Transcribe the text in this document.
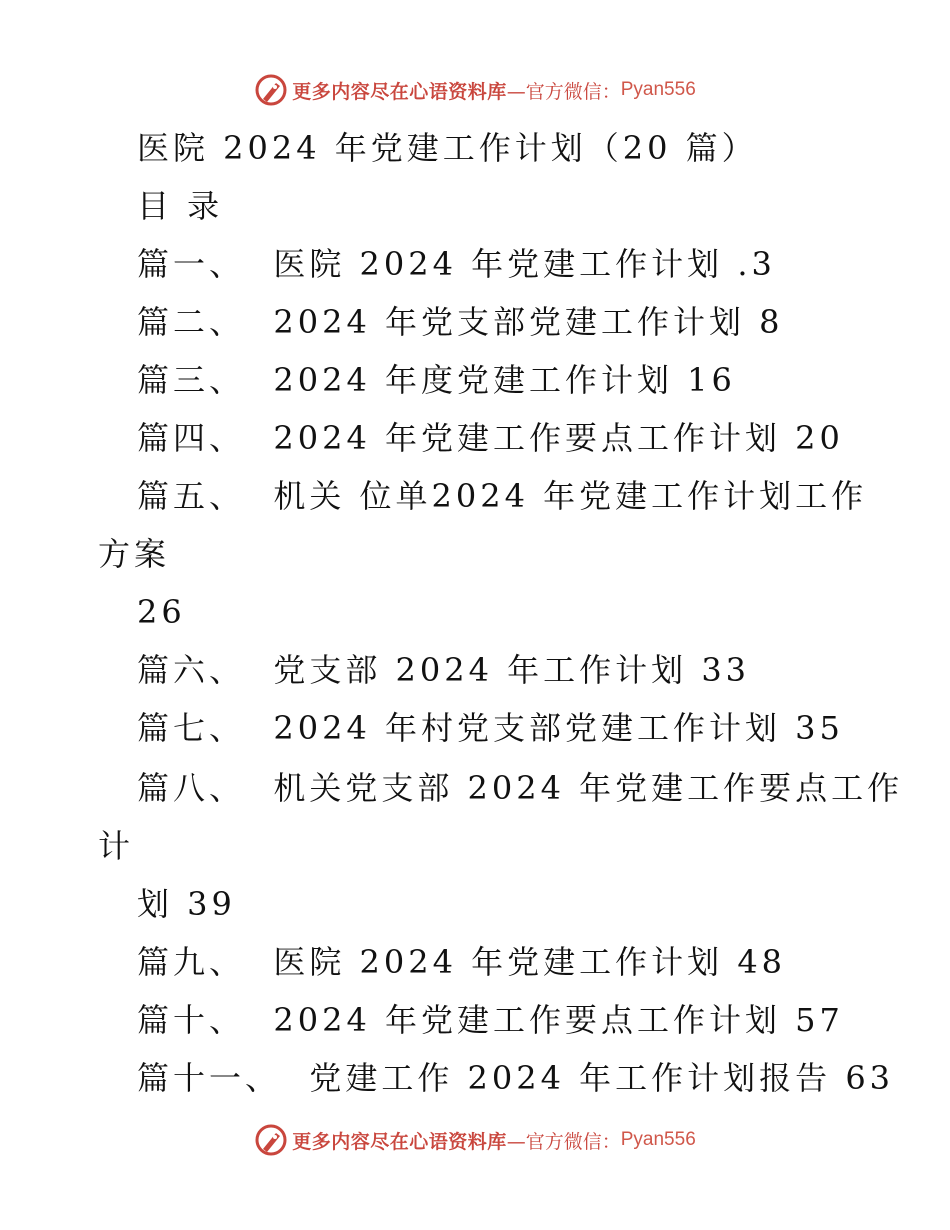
更多内容尽在心语资料库 —官方微信： Pyan556
医院 2024 年党建工作计划（20 篇）
目 录
篇一、 医院 2024 年党建工作计划 .3
篇二、 2024 年党支部党建工作计划 8
篇三、 2024 年度党建工作计划 16
篇四、 2024 年党建工作要点工作计划 20
篇五、 机关 位单2024 年党建工作计划工作
方案
26
篇六、 党支部 2024 年工作计划 33
篇七、 2024 年村党支部党建工作计划 35
篇八、 机关党支部 2024 年党建工作要点工作
计
划 39
篇九、 医院 2024 年党建工作计划 48
篇十、 2024 年党建工作要点工作计划 57
篇十一、 党建工作 2024 年工作计划报告 63
更多内容尽在心语资料库 —官方微信： Pyan556
